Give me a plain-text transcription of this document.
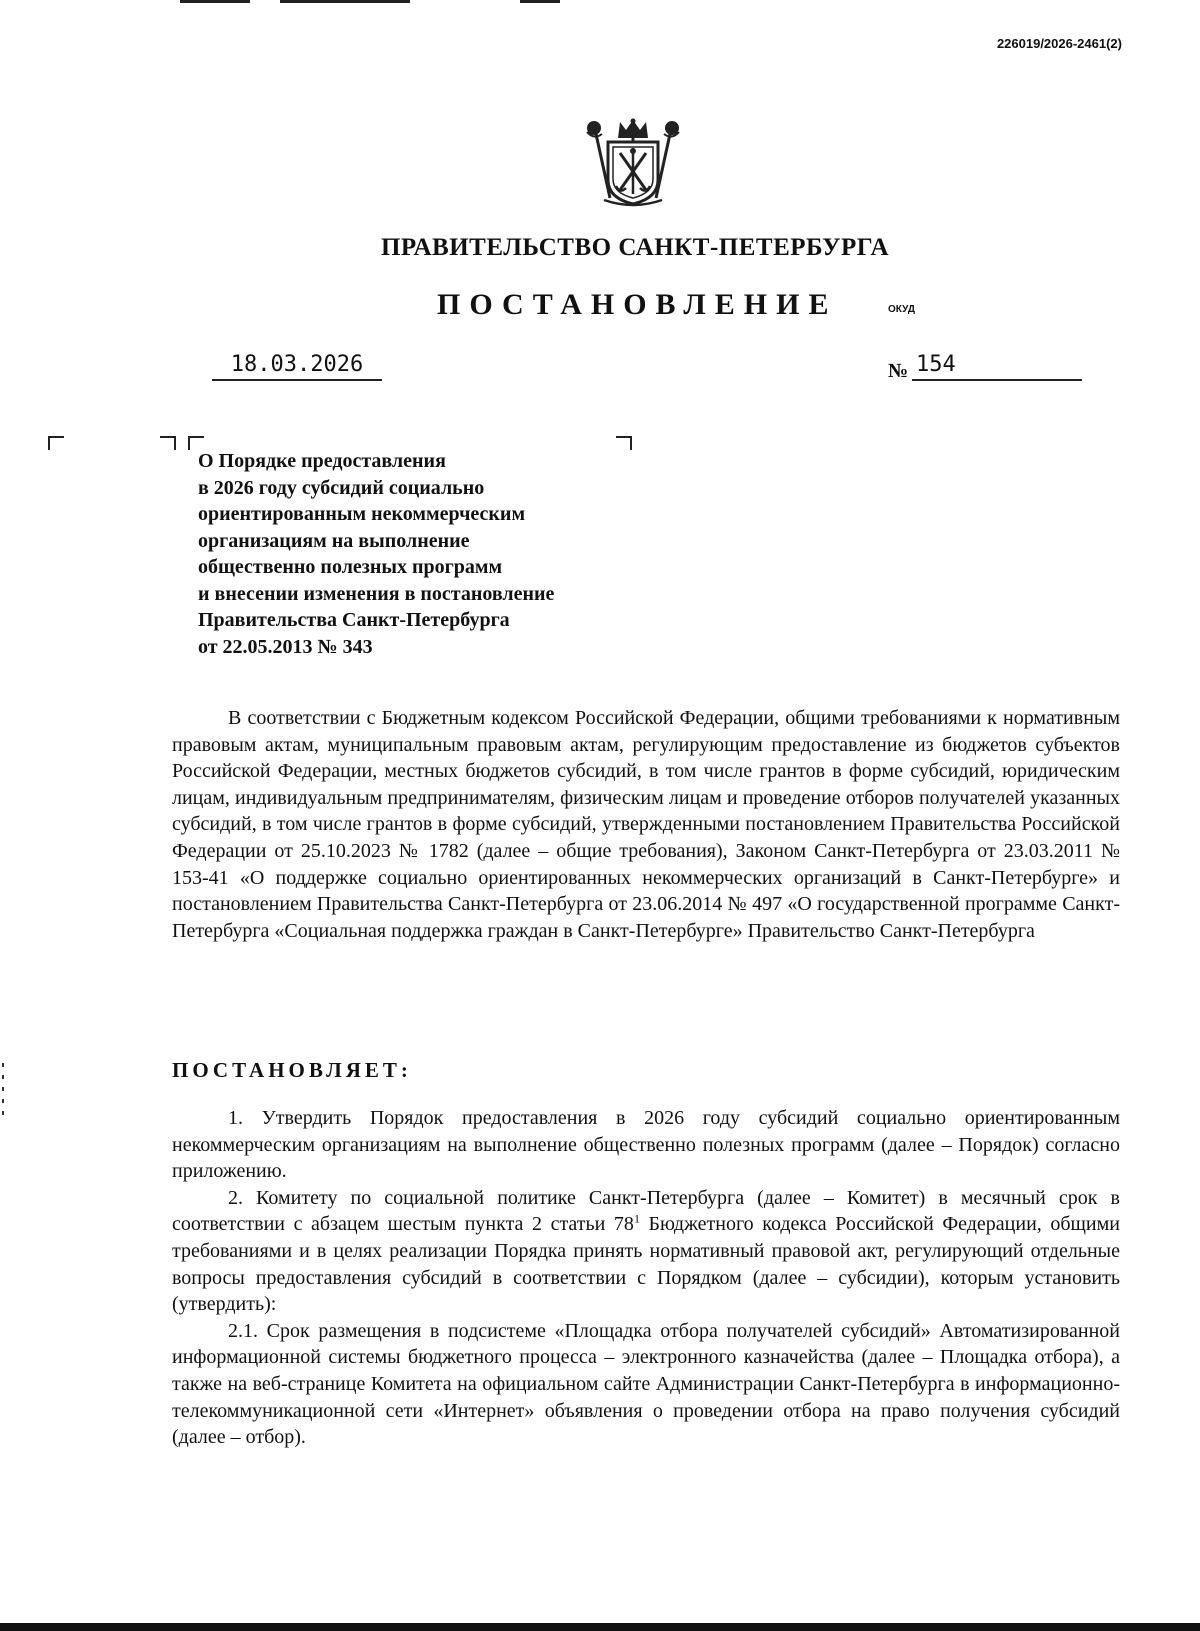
226019/2026-2461(2)
ПРАВИТЕЛЬСТВО САНКТ-ПЕТЕРБУРГА
ПОСТАНОВЛЕНИЕ	ОКУД
18.03.2026	№ 154
О Порядке предоставления
в 2026 году субсидий социально
ориентированным некоммерческим
организациям на выполнение
общественно полезных программ
и внесении изменения в постановление
Правительства Санкт-Петербурга
от 22.05.2013 № 343

В соответствии с Бюджетным кодексом Российской Федерации, общими требованиями к нормативным правовым актам, муниципальным правовым актам, регулирующим предоставление из бюджетов субъектов Российской Федерации, местных бюджетов субсидий, в том числе грантов в форме субсидий, юридическим лицам, индивидуальным предпринимателям, физическим лицам и проведение отборов получателей указанных субсидий, в том числе грантов в форме субсидий, утвержденными постановлением Правительства Российской Федерации от 25.10.2023 № 1782 (далее – общие требования), Законом Санкт-Петербурга от 23.03.2011 № 153-41 «О поддержке социально ориентированных некоммерческих организаций в Санкт-Петербурге» и постановлением Правительства Санкт-Петербурга от 23.06.2014 № 497 «О государственной программе Санкт-Петербурга «Социальная поддержка граждан в Санкт-Петербурге» Правительство Санкт-Петербурга

ПОСТАНОВЛЯЕТ:

1. Утвердить Порядок предоставления в 2026 году субсидий социально ориентированным некоммерческим организациям на выполнение общественно полезных программ (далее – Порядок) согласно приложению.

2. Комитету по социальной политике Санкт-Петербурга (далее – Комитет) в месячный срок в соответствии с абзацем шестым пункта 2 статьи $78^1$ Бюджетного кодекса Российской Федерации, общими требованиями и в целях реализации Порядка принять нормативный правовой акт, регулирующий отдельные вопросы предоставления субсидий в соответствии с Порядком (далее – субсидии), которым установить (утвердить):

2.1. Срок размещения в подсистеме «Площадка отбора получателей субсидий» Автоматизированной информационной системы бюджетного процесса – электронного казначейства (далее – Площадка отбора), а также на веб-странице Комитета на официальном сайте Администрации Санкт-Петербурга в информационно-телекоммуникационной сети «Интернет» объявления о проведении отбора на право получения субсидий (далее – отбор).
